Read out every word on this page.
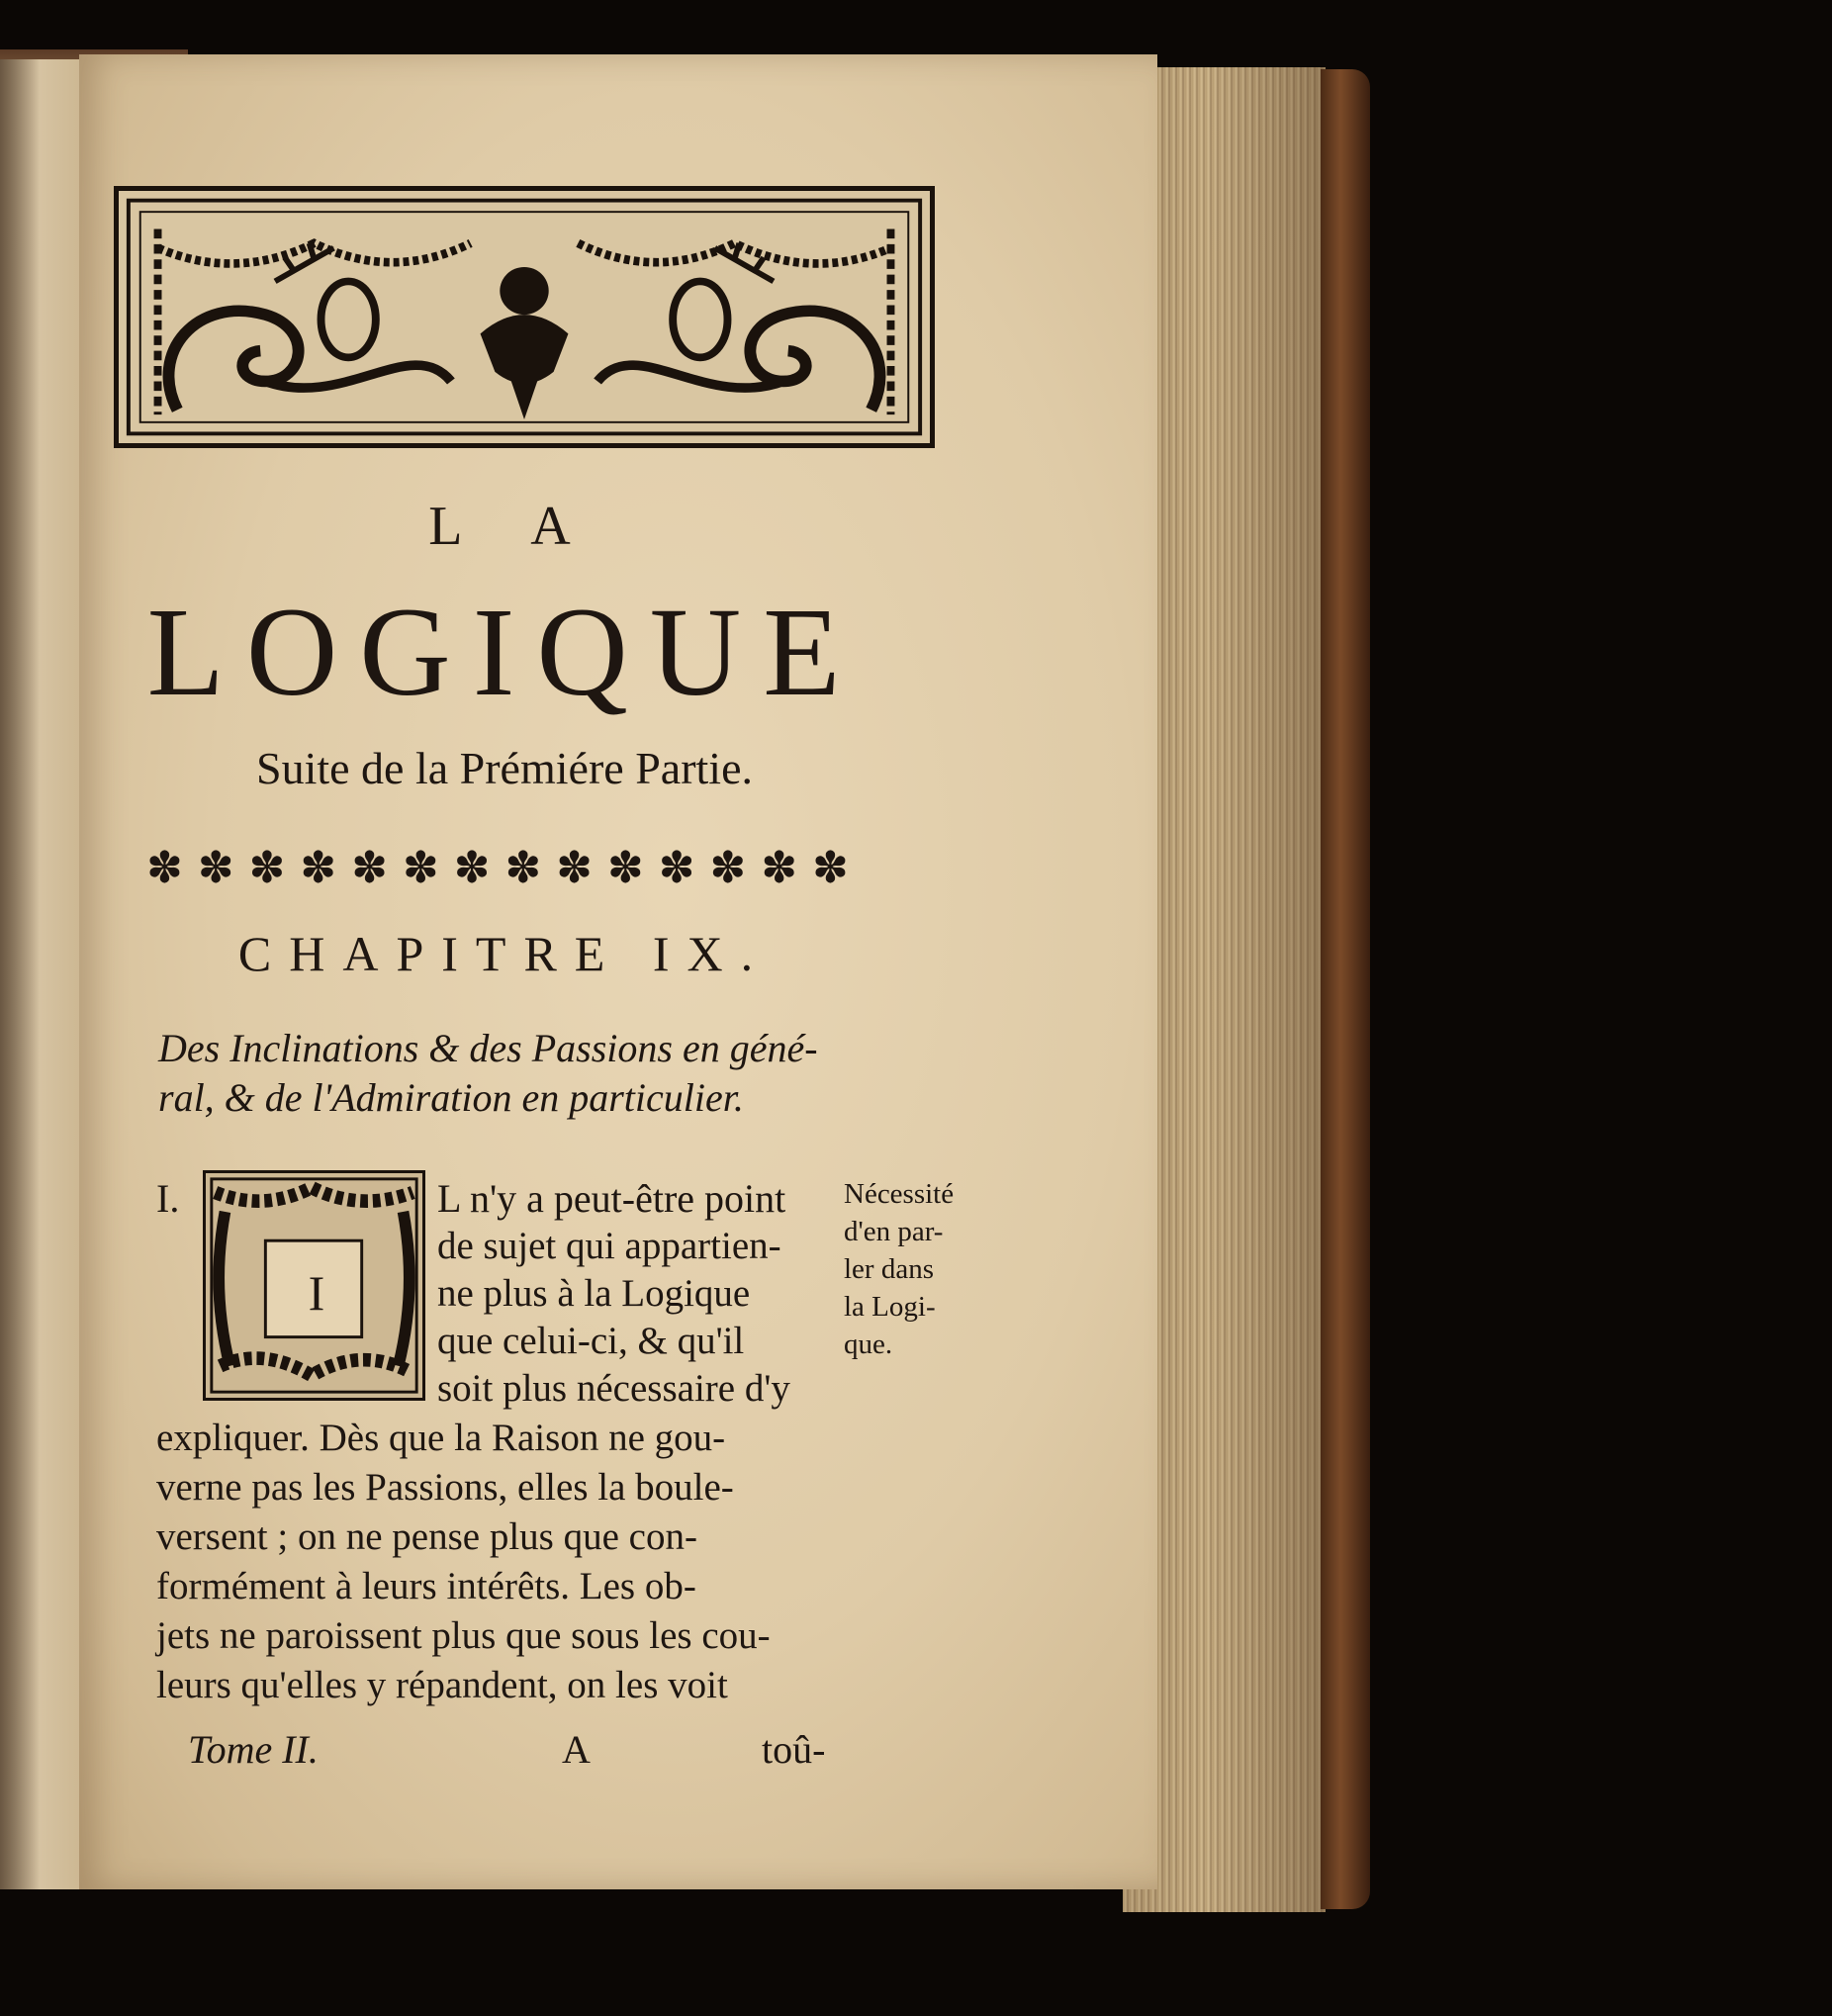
L A
LOGIQUE
Suite de la Prémiére Partie.
✽ ✽ ✽ ✽ ✽ ✽ ✽ ✽ ✽ ✽ ✽ ✽ ✽ ✽
CHAPITRE IX.
Des Inclinations & des Passions en géné-
ral, & de l'Admiration en particulier.
I.
I
L n'y a peut-être point
de sujet qui appartien-
ne plus à la Logique
que celui-ci, & qu'il
soit plus nécessaire d'y
expliquer. Dès que la Raison ne gou-
verne pas les Passions, elles la boule-
versent ; on ne pense plus que con-
formément à leurs intérêts. Les ob-
jets ne paroissent plus que sous les cou-
leurs qu'elles y répandent, on les voit
Nécessité
d'en par-
ler dans
la Logi-
que.
Tome II.	A	toû-
